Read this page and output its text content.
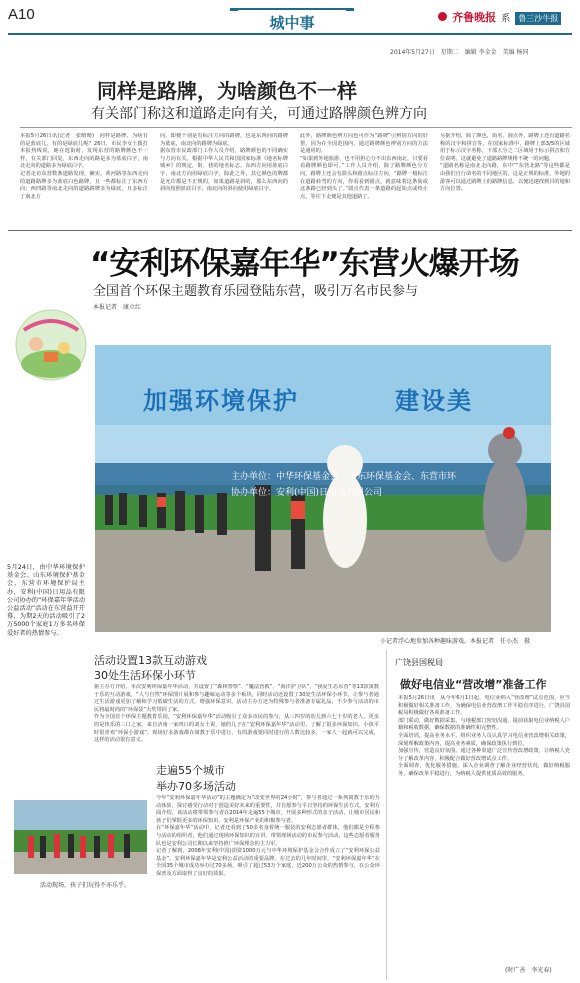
A10	城中事	齐鲁晚报 系 鲁三沙牛报
2014年5月27日　星期二　编辑 李金金　美编 杨同
同样是路牌，为啥颜色不一样
有关部门称这和道路走向有关，可通过路牌颜色辨方向
本报5月26日讯(记者　张晴晴)　同样是路牌，为啥有的是蓝底儿，有的是绿底儿呢？26日，市民李女士拨打本报热线说，她在逛街时，发现东营的路牌颜色不一样，有关部门回复，东西走向的路是多为蓝底白字，南北走向的道路多为绿底白字。
记者走访东营数条道路发现，确实，黄河路等东西走向的道路路牌多为蓝底白色路牌，且一些都标注了东西方向；西四路等南北走向的道路路牌多为绿底，且多标注了南北方
向，即便个别是有标注方向的路牌，也是东西向的路牌为蓝底，南北向的路牌为绿底。
据东营市民政部门工作人员介绍，路牌颜色的不同确实与方向有关，根据中华人民共和国国家标准《地名标牌城乡》的规定，街、巷的地名标志，东西方向用蓝底白字，南北方向用绿底白字，除此之外，其它颜色的牌都是允许都是不正规的，如果道路是斜的，那么东西向的斜向按照蓝底白字，南北向的斜向使用绿底白字。
此外，路牌颜色辨方向也可作为“路牌”引辨别方向的好帮，因为在全国范围内，通过路牌颜色辨别方向的方法是通用的。
“如果到外地旅游，也不用担心分不出东西南北，只要看看路牌颜色即可。”工作人员介绍，除了路牌颜色分方向，路牌上还会有箭头和圆点标注方向，“路牌一般标注在道路转弯的方向，你看看到圆点，就意味着这条街或这条路已经到头了。”圆点代表一条道路的起始点或终止点，等往下走便是其他道路了。
另据介绍，除了颜色，街名、圆点外，路牌上还有道路名称的汉字和拼音等，在国家标准中，路牌上部3/5的区域用于标示汉字名称，下部五分之二区域用于标示拼音和方位说明，这就避免了道路路牌规格不统一的问题。
“道路名称是南北走向路，东中”“东营北路”等这些都是由我们自行命名的不同地区的，这是正规的标准，外地的游客可以通过路牌上的路牌信息，以便迅速找到目的地和方向位置。
“安利环保嘉年华”东营火爆开场
全国首个环保主题教育乐园登陆东营，吸引万名市民参与
本报记者　康立红
加强环境保护	建设美
主办单位：中华环保基金会　山东环保基金会、东营市环
协办单位：安利(中国)日用品有限公司
小记者浮心地参加各种趣味游戏。本报记者　任小杰　摄
5月24日，由中华环境保护基金会、山东环境保护基金会、东营市环境保护局主办，安利(中国)日用品有限公司协办的“环保嘉年华活动公益活动”活动在东营益开开幕，为期2天的活动吸引了2万5000个家庭1万多名环保爱好者的热情参与。
活动设置13款互动游戏
30处生活环保小环节
据主办方介绍，本次安利环保嘉年华活动，共设置了“森林警察”、“魔法营救”、“海洋护卫队”、“我爱生态东营”等13款寓教于乐的互动游戏，“人与自然”环保图片展和参与趣味运动等多个板块，同时活动还设置了30处生活环保小环节，让参与者通过生活游戏更加了解和学习低碳生活的方式，增强环保意识。活动主办方还为特殊参与者准备专属礼品，不少参与活动的市民将最时尚的“环保袋”大奖带回了家。
作为全国首个环保主题教育乐园，“安利环保嘉年华”活动吸引了众多市民的参与，从三四岁的幼儿到六七十岁的老人，更多的是快乐的三口之家。来自济南一家四口的刘女士说，她的儿子在“安利环保嘉年华”活动里，了解了很多环保知识，小孩平时很喜欢“环保小游戏”，现场好多游戏都在寓教于乐中进行，有的游戏要同时进行的人数比较多，一家人一起就可以完成，这样的活动很有意义。
走遍55个城市
举办70多场活动
今年“安利环保嘉年华活动”的主题确定为“改变世界的24小时”，参与者通过一系列寓教于乐的互动体验，探讨感受行动对于创造美好未来的重要性，并自愿参与平日坚持的环保生活方式。安利方面介绍，该活动将带领参与者在2014年走遍55个城市，开展多种形式的亲子活动，让城市居民和孩子们掌握更多的环保知识。安利是环保产业的积极参与者。
在“环保嘉年华”活动中，记者还看到了50多名身着统一服装的安利志愿者群体，他们都是全程参与活动的组织者，他们通过现场环保知识的宣讲，带领现场活动的市民参与活动。这些志愿者服务队也是安利公司长期以来坚持推广环保理念的主力军。
记者了解到，2008年安利(中国)捐资1000万元与中华环境保护基金会合作成立了“安利环保公益基金”，安利环保嘉年华是安利公益活动的重要品牌。在过去的几年时间里，“安利环保嘉年华”在全国35个城市成功举办过70多场，吸引了超过53万个家庭，近200万公众的热情参与，在公众环保普及方面取得了良好的效果。
活动现场，孩子们玩得不亦乐乎。
广饶县国税局
做好电信业“营改增”准备工作
本报5月26日讯　从今年6月1日起，电信业纳入“营改增”试点范围，应当积极做好相关准备工作，为确保电信业营改增工作平稳有序进行，广饶县国税局积极做好各项准备工作。
部门联动，做好数据采集。与地税部门密切沟通，提前获取电信业纳税人户籍和税收数据，确保数据的准确性和完整性。
全面培训，提高业务水平。组织业务人员认真学习电信业营改增相关政策，深刻理解政策内容，提高业务素质，确保政策执行到位。
加强宣传，营造良好氛围。通过各种渠道广泛宣传营改增政策，让纳税人充分了解改革内容，积极配合做好营改增试点工作。
全面调查，优化服务措施。深入企业调查了解企业经营状况，做好纳税服务，确保改革平稳进行，为纳税人提供优质高效的服务。
(时广善　李光春)
